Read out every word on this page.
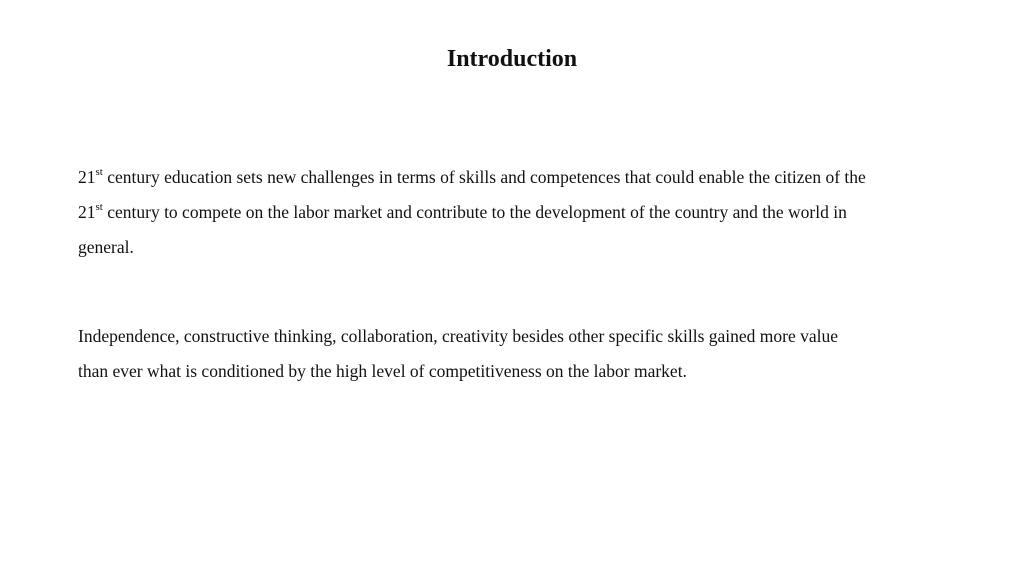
Introduction

21st century education sets new challenges in terms of skills and competences that could enable the citizen of the
21st century to compete on the labor market and contribute to the development of the country and the world in
general.

Independence, constructive thinking, collaboration, creativity besides other specific skills gained more value
than ever what is conditioned by the high level of competitiveness on the labor market.
